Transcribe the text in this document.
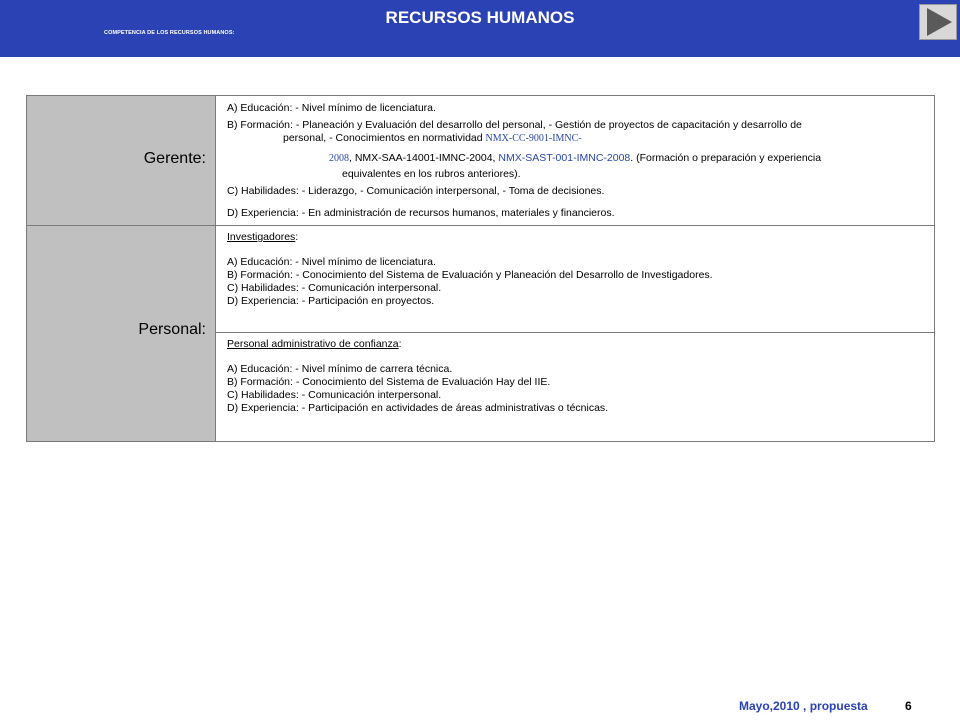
RECURSOS HUMANOS
COMPETENCIA DE LOS RECURSOS HUMANOS:
Gerente:
Personal:
A) Educación: - Nivel mínimo de licenciatura.
B) Formación: - Planeación y Evaluación del desarrollo del personal, - Gestión de proyectos de capacitación y desarrollo de
personal, - Conocimientos en normatividad NMX-CC-9001-IMNC-
2008, NMX-SAA-14001-IMNC-2004, NMX-SAST-001-IMNC-2008. (Formación o preparación y experiencia
equivalentes en los rubros anteriores).
C) Habilidades: - Liderazgo, - Comunicación interpersonal, - Toma de decisiones.
D) Experiencia: - En administración de recursos humanos, materiales y financieros.
Investigadores:
A) Educación: - Nivel mínimo de licenciatura.
B) Formación: - Conocimiento del Sistema de Evaluación y Planeación del Desarrollo de Investigadores.
C) Habilidades: - Comunicación interpersonal.
D) Experiencia: - Participación en proyectos.
Personal administrativo de confianza:
A) Educación: - Nivel mínimo de carrera técnica.
B) Formación: - Conocimiento del Sistema de Evaluación Hay del IIE.
C) Habilidades: - Comunicación interpersonal.
D) Experiencia: - Participación en actividades de áreas administrativas o técnicas.
Mayo,2010 , propuesta	6
